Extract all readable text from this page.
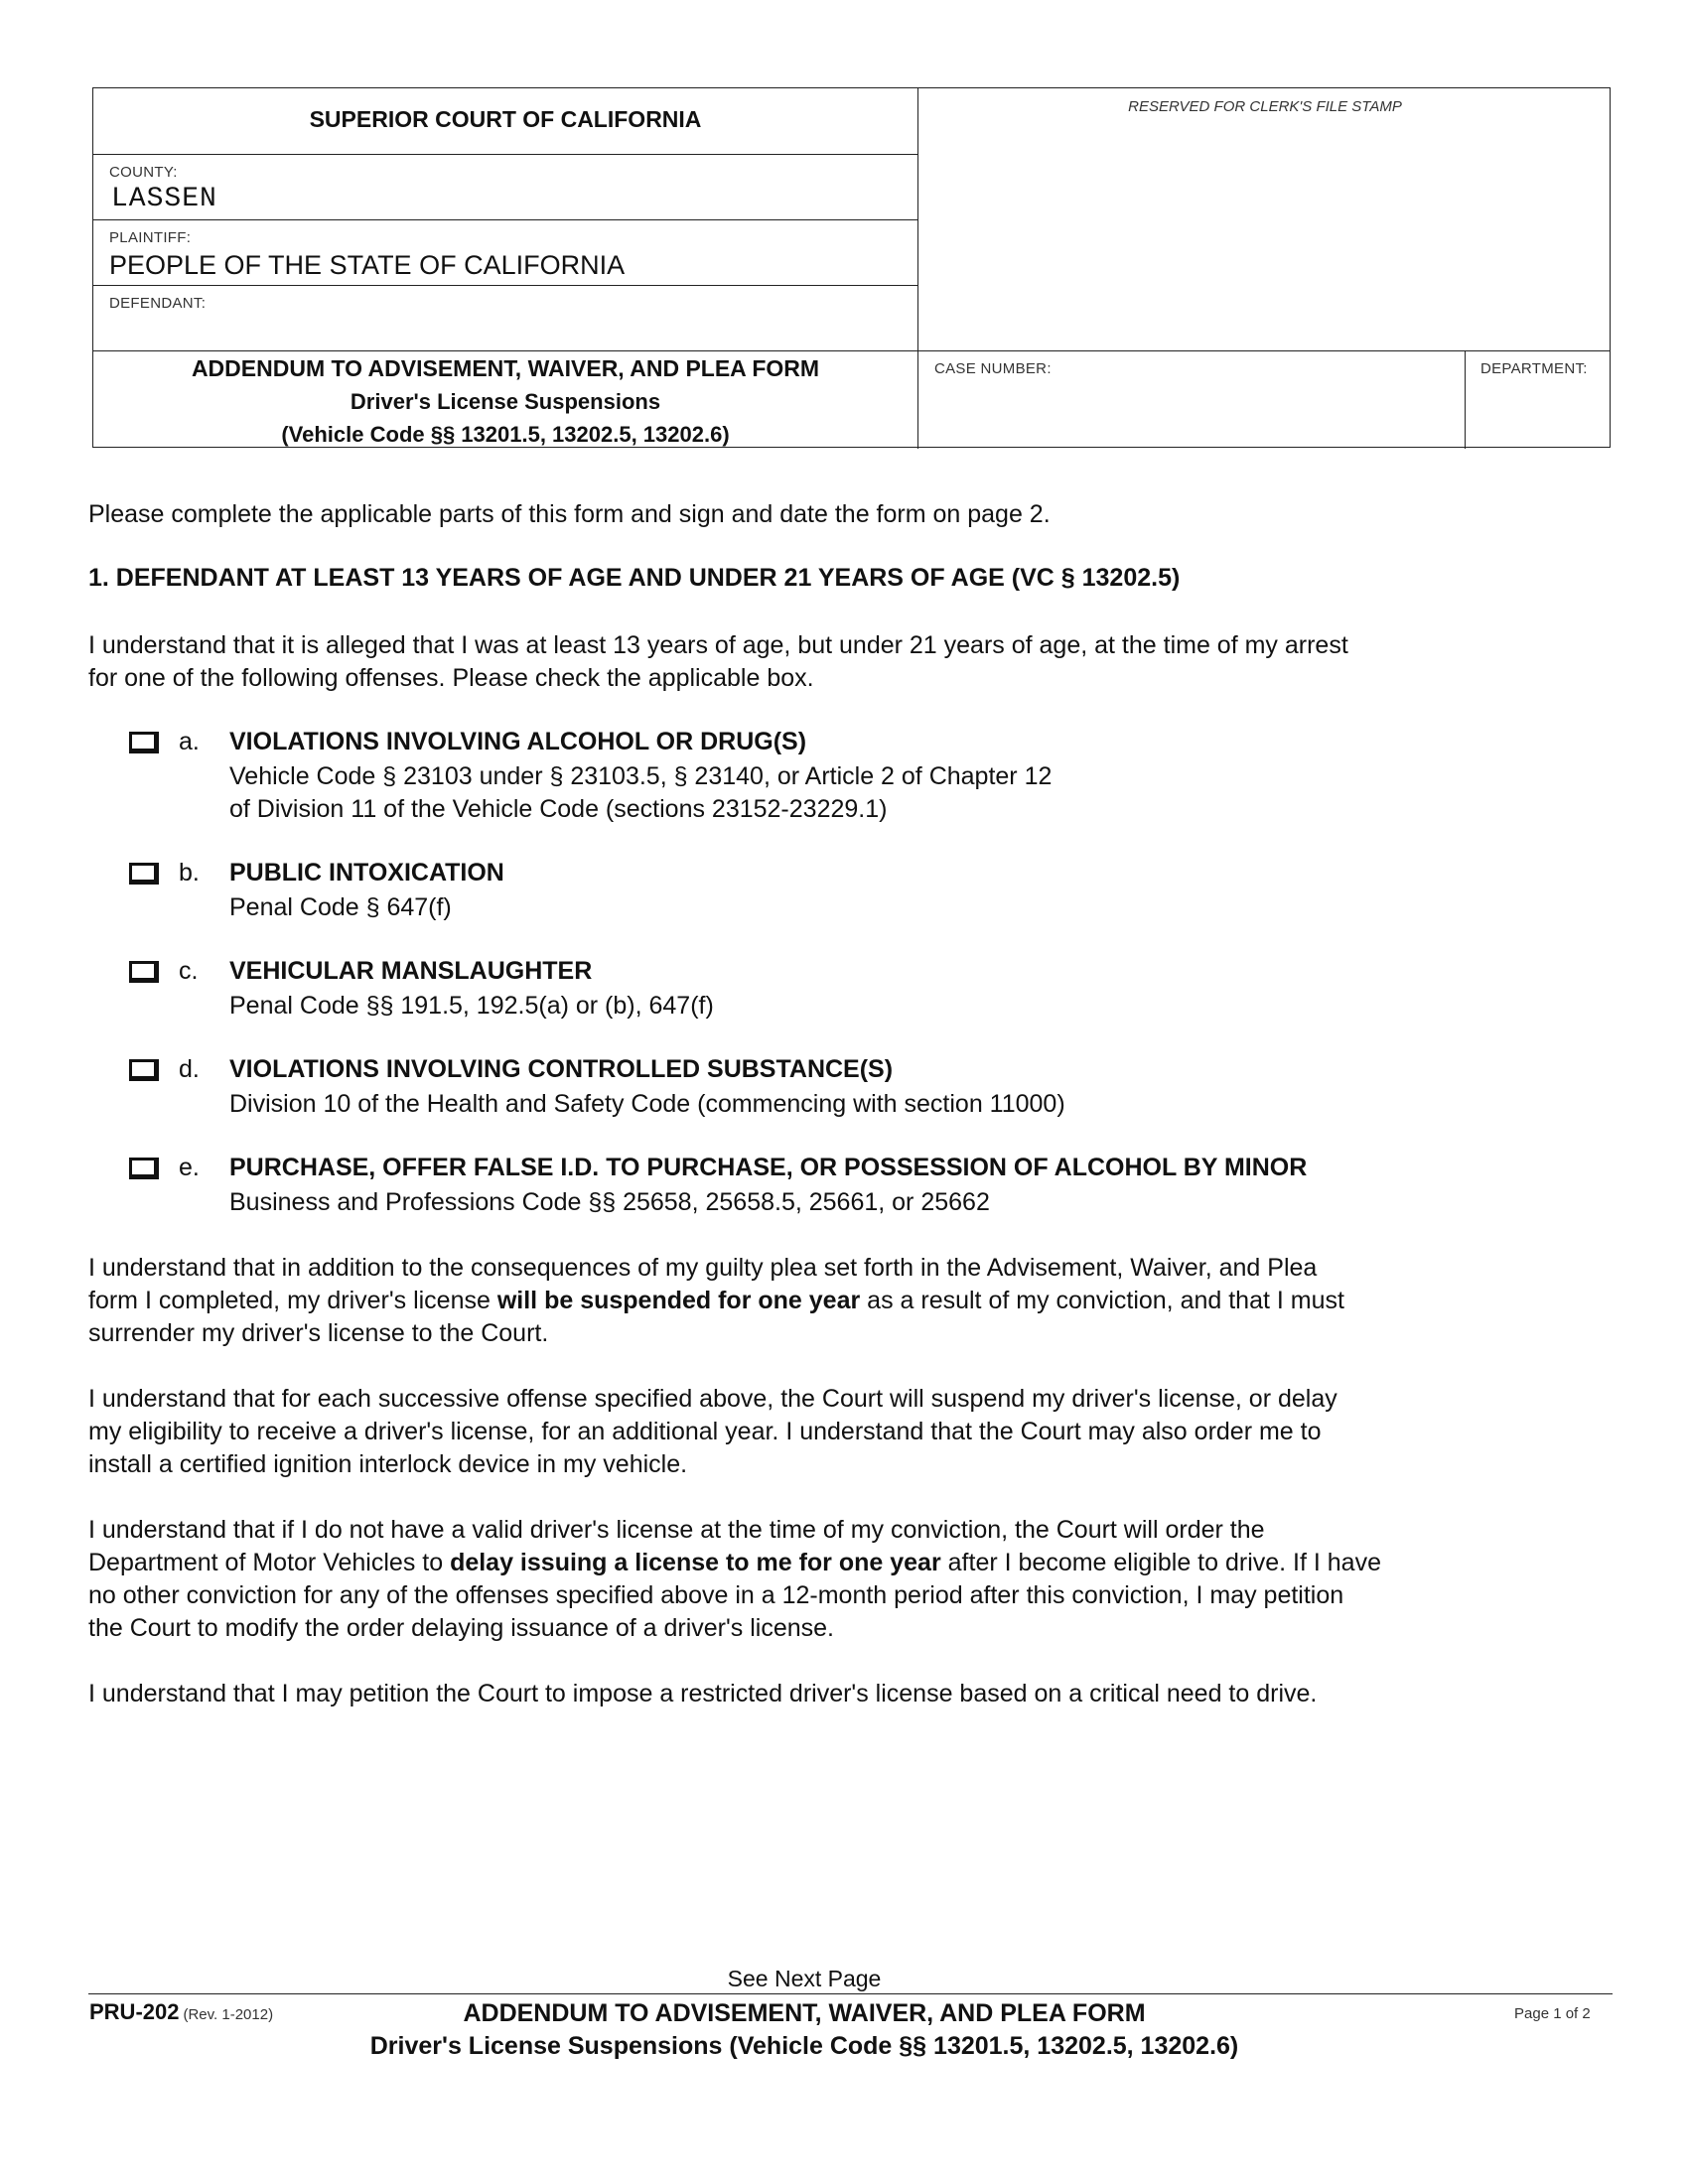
SUPERIOR COURT OF CALIFORNIA	RESERVED FOR CLERK'S FILE STAMP
COUNTY:
LASSEN
PLAINTIFF:
PEOPLE OF THE STATE OF CALIFORNIA
DEFENDANT:
ADDENDUM TO ADVISEMENT, WAIVER, AND PLEA FORM
Driver's License Suspensions
(Vehicle Code §§ 13201.5, 13202.5, 13202.6)
CASE NUMBER:	DEPARTMENT:
Please complete the applicable parts of this form and sign and date the form on page 2.
1. DEFENDANT AT LEAST 13 YEARS OF AGE AND UNDER 21 YEARS OF AGE (VC § 13202.5)
I understand that it is alleged that I was at least 13 years of age, but under 21 years of age, at the time of my arrest
for one of the following offenses. Please check the applicable box.
a. VIOLATIONS INVOLVING ALCOHOL OR DRUG(S)
Vehicle Code § 23103 under § 23103.5, § 23140, or Article 2 of Chapter 12
of Division 11 of the Vehicle Code (sections 23152-23229.1)
b. PUBLIC INTOXICATION
Penal Code § 647(f)
c. VEHICULAR MANSLAUGHTER
Penal Code §§ 191.5, 192.5(a) or (b), 647(f)
d. VIOLATIONS INVOLVING CONTROLLED SUBSTANCE(S)
Division 10 of the Health and Safety Code (commencing with section 11000)
e. PURCHASE, OFFER FALSE I.D. TO PURCHASE, OR POSSESSION OF ALCOHOL BY MINOR
Business and Professions Code §§ 25658, 25658.5, 25661, or 25662
I understand that in addition to the consequences of my guilty plea set forth in the Advisement, Waiver, and Plea
form I completed, my driver's license will be suspended for one year as a result of my conviction, and that I must
surrender my driver's license to the Court.
I understand that for each successive offense specified above, the Court will suspend my driver's license, or delay
my eligibility to receive a driver's license, for an additional year. I understand that the Court may also order me to
install a certified ignition interlock device in my vehicle.
I understand that if I do not have a valid driver's license at the time of my conviction, the Court will order the
Department of Motor Vehicles to delay issuing a license to me for one year after I become eligible to drive. If I have
no other conviction for any of the offenses specified above in a 12-month period after this conviction, I may petition
the Court to modify the order delaying issuance of a driver's license.
I understand that I may petition the Court to impose a restricted driver's license based on a critical need to drive.
See Next Page
PRU-202 (Rev. 1-2012)	ADDENDUM TO ADVISEMENT, WAIVER, AND PLEA FORM
Driver's License Suspensions (Vehicle Code §§ 13201.5, 13202.5, 13202.6)
Page 1 of 2
